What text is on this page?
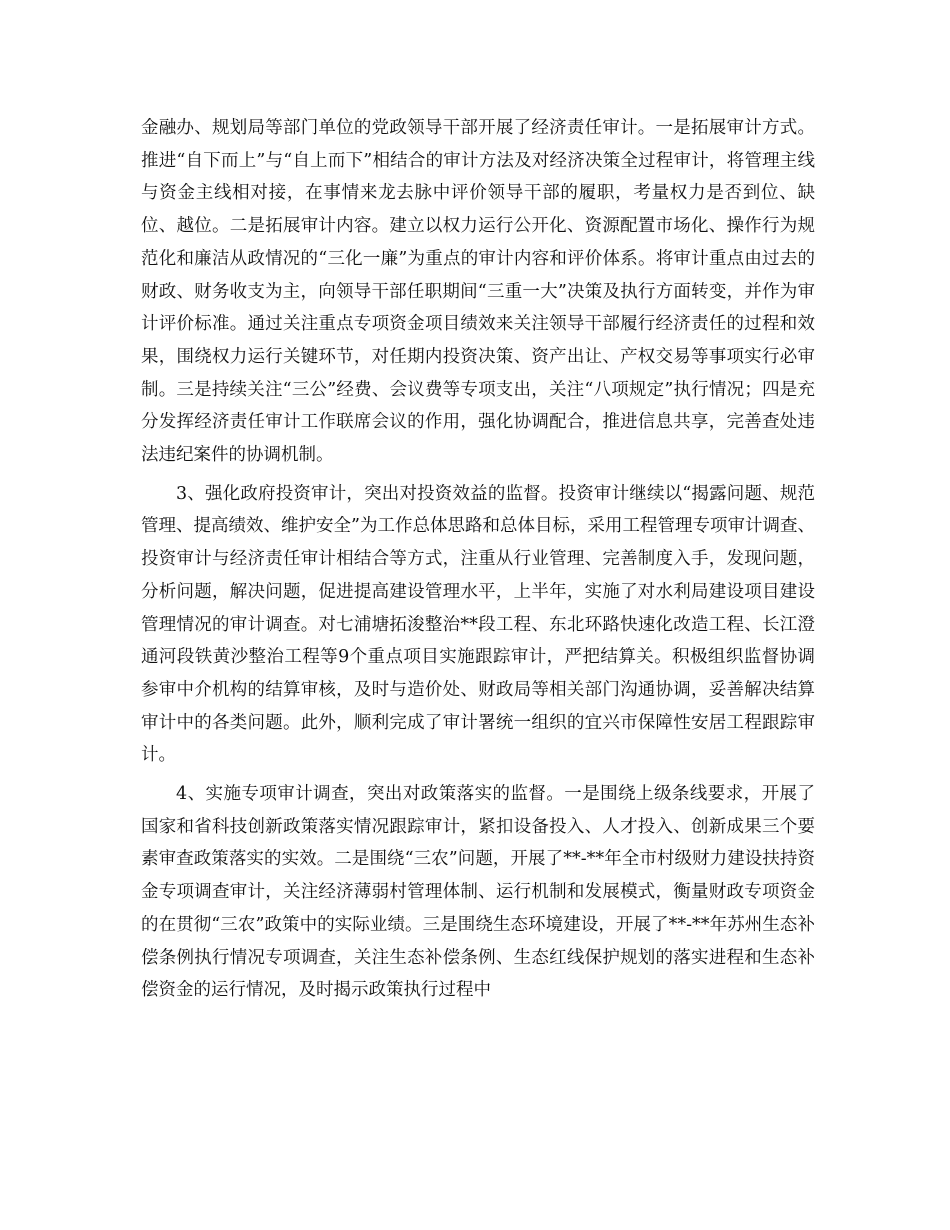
金融办、规划局等部门单位的党政领导干部开展了经济责任审计。一是拓展审计方式。推进“自下而上”与“自上而下”相结合的审计方法及对经济决策全过程审计，将管理主线与资金主线相对接，在事情来龙去脉中评价领导干部的履职，考量权力是否到位、缺位、越位。二是拓展审计内容。建立以权力运行公开化、资源配置市场化、操作行为规范化和廉洁从政情况的“三化一廉”为重点的审计内容和评价体系。将审计重点由过去的财政、财务收支为主，向领导干部任职期间“三重一大”决策及执行方面转变，并作为审计评价标准。通过关注重点专项资金项目绩效来关注领导干部履行经济责任的过程和效果，围绕权力运行关键环节，对任期内投资决策、资产出让、产权交易等事项实行必审制。三是持续关注“三公”经费、会议费等专项支出，关注“八项规定”执行情况；四是充分发挥经济责任审计工作联席会议的作用，强化协调配合，推进信息共享，完善查处违法违纪案件的协调机制。

3、强化政府投资审计，突出对投资效益的监督。投资审计继续以“揭露问题、规范管理、提高绩效、维护安全”为工作总体思路和总体目标，采用工程管理专项审计调查、投资审计与经济责任审计相结合等方式，注重从行业管理、完善制度入手，发现问题，分析问题，解决问题，促进提高建设管理水平，上半年，实施了对水利局建设项目建设管理情况的审计调查。对七浦塘拓浚整治**段工程、东北环路快速化改造工程、长江澄通河段铁黄沙整治工程等9个重点项目实施跟踪审计，严把结算关。积极组织监督协调参审中介机构的结算审核，及时与造价处、财政局等相关部门沟通协调，妥善解决结算审计中的各类问题。此外，顺利完成了审计署统一组织的宜兴市保障性安居工程跟踪审计。

4、实施专项审计调查，突出对政策落实的监督。一是围绕上级条线要求，开展了国家和省科技创新政策落实情况跟踪审计，紧扣设备投入、人才投入、创新成果三个要素审查政策落实的实效。二是围绕“三农”问题，开展了**-**年全市村级财力建设扶持资金专项调查审计，关注经济薄弱村管理体制、运行机制和发展模式，衡量财政专项资金的在贯彻“三农”政策中的实际业绩。三是围绕生态环境建设，开展了**-**年苏州生态补偿条例执行情况专项调查，关注生态补偿条例、生态红线保护规划的落实进程和生态补偿资金的运行情况，及时揭示政策执行过程中
